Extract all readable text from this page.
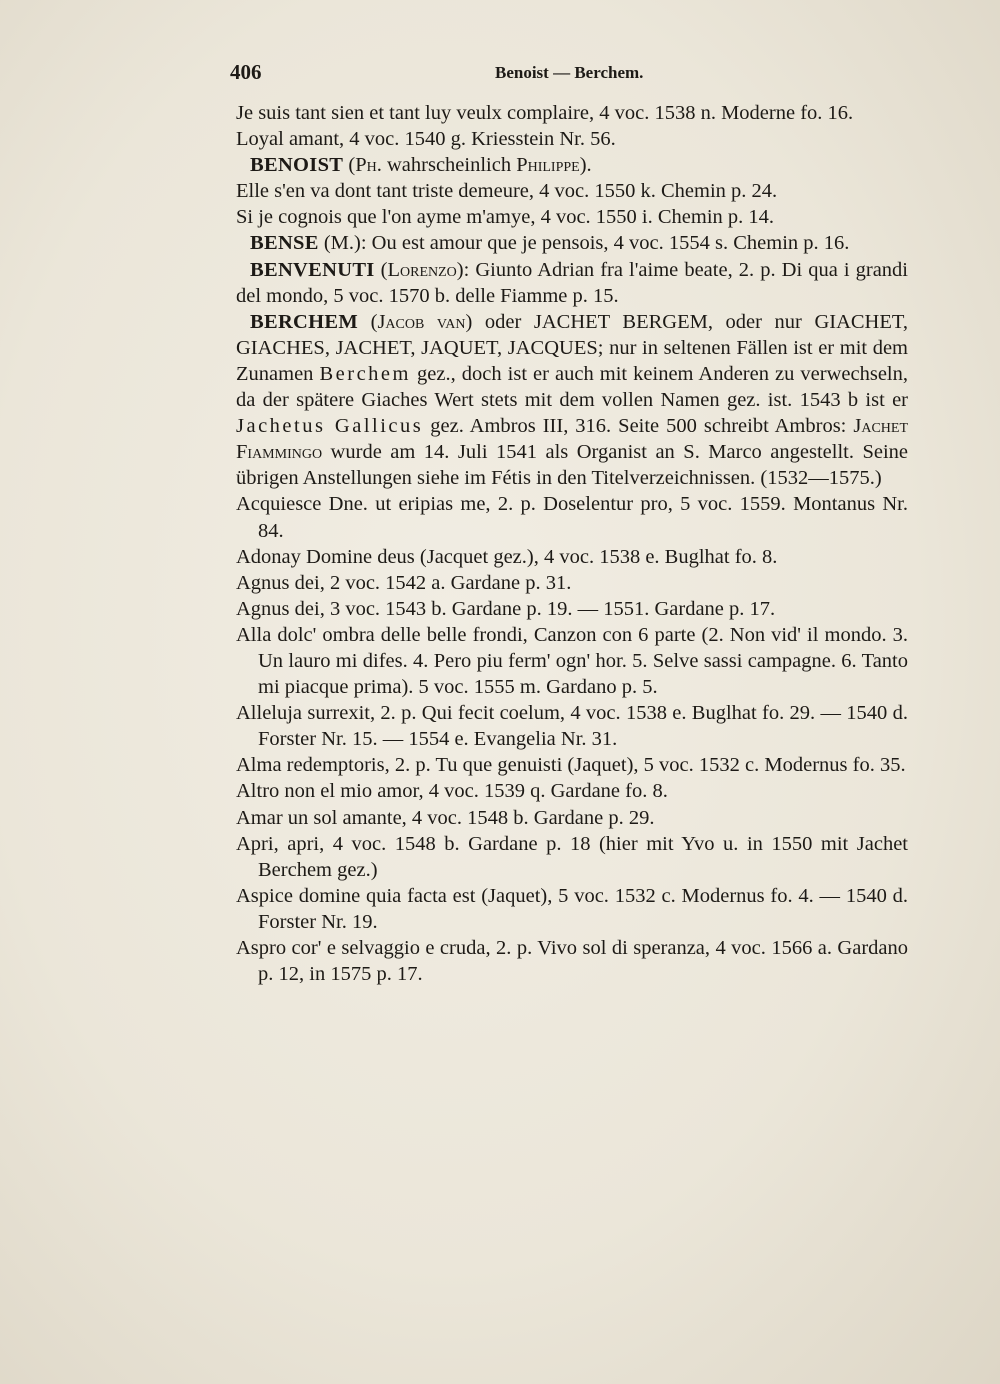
406	Benoist — Berchem.
Je suis tant sien et tant luy veulx complaire, 4 voc. 1538 n. Moderne fo. 16.
Loyal amant, 4 voc. 1540 g. Kriesstein Nr. 56.
BENOIST (Ph. wahrscheinlich Philippe).
Elle s'en va dont tant triste demeure, 4 voc. 1550 k. Chemin p. 24.
Si je cognois que l'on ayme m'amye, 4 voc. 1550 i. Chemin p. 14.
BENSE (M.): Ou est amour que je pensois, 4 voc. 1554 s. Chemin p. 16.
BENVENUTI (Lorenzo): Giunto Adrian fra l'aime beate, 2. p. Di qua i grandi del mondo, 5 voc. 1570 b. delle Fiamme p. 15.
BERCHEM (Jacob van) oder JACHET BERGEM, oder nur GIACHET, GIACHES, JACHET, JAQUET, JACQUES; nur in seltenen Fällen ist er mit dem Zunamen Berchem gez., doch ist er auch mit keinem Anderen zu verwechseln, da der spätere Giaches Wert stets mit dem vollen Namen gez. ist. 1543 b ist er Jachetus Gallicus gez. Ambros III, 316. Seite 500 schreibt Ambros: Jachet Fiammingo wurde am 14. Juli 1541 als Organist an S. Marco angestellt. Seine übrigen Anstellungen siehe im Fétis in den Titelverzeichnissen. (1532—1575.)
Acquiesce Dne. ut eripias me, 2. p. Doselentur pro, 5 voc. 1559. Montanus Nr. 84.
Adonay Domine deus (Jacquet gez.), 4 voc. 1538 e. Buglhat fo. 8.
Agnus dei, 2 voc. 1542 a. Gardane p. 31.
Agnus dei, 3 voc. 1543 b. Gardane p. 19. — 1551. Gardane p. 17.
Alla dolc' ombra delle belle frondi, Canzon con 6 parte (2. Non vid' il mondo. 3. Un lauro mi difes. 4. Pero piu ferm' ogn' hor. 5. Selve sassi campagne. 6. Tanto mi piacque prima). 5 voc. 1555 m. Gardano p. 5.
Alleluja surrexit, 2. p. Qui fecit coelum, 4 voc. 1538 e. Buglhat fo. 29. — 1540 d. Forster Nr. 15. — 1554 e. Evangelia Nr. 31.
Alma redemptoris, 2. p. Tu que genuisti (Jaquet), 5 voc. 1532 c. Modernus fo. 35.
Altro non el mio amor, 4 voc. 1539 q. Gardane fo. 8.
Amar un sol amante, 4 voc. 1548 b. Gardane p. 29.
Apri, apri, 4 voc. 1548 b. Gardane p. 18 (hier mit Yvo u. in 1550 mit Jachet Berchem gez.)
Aspice domine quia facta est (Jaquet), 5 voc. 1532 c. Modernus fo. 4. — 1540 d. Forster Nr. 19.
Aspro cor' e selvaggio e cruda, 2. p. Vivo sol di speranza, 4 voc. 1566 a. Gardano p. 12, in 1575 p. 17.
